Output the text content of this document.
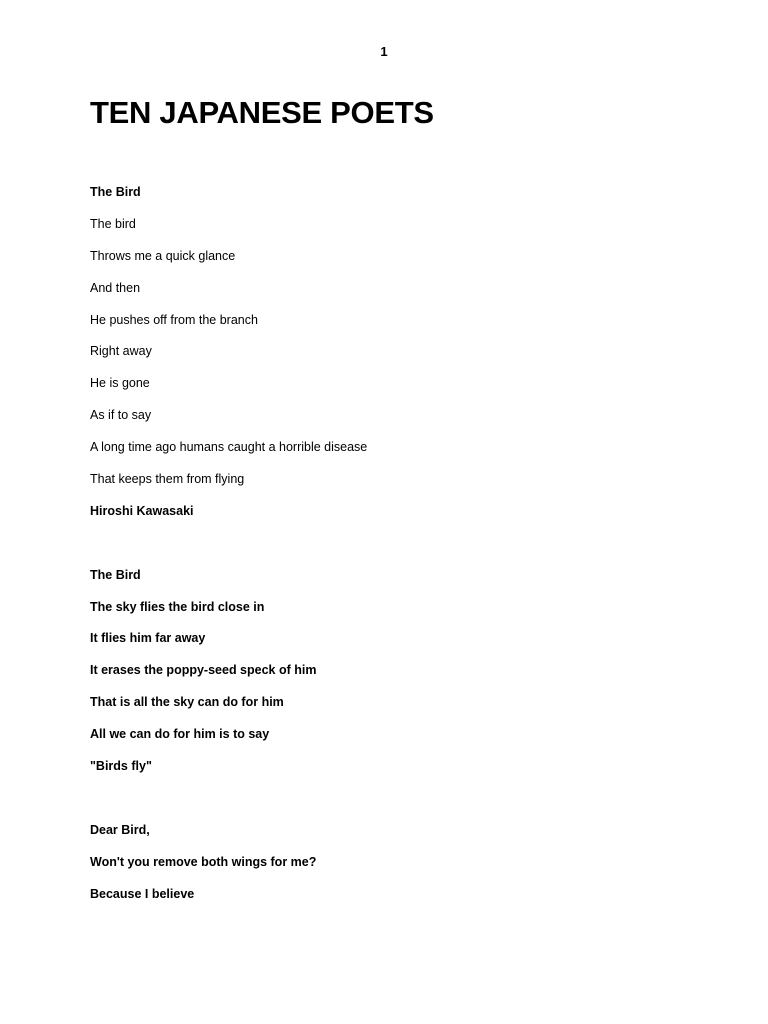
1
TEN JAPANESE POETS
The Bird
The bird
Throws me a quick glance
And then
He pushes off from the branch
Right away
He is gone
As if to say
A long time ago humans caught a horrible disease
That keeps them from flying
Hiroshi Kawasaki
The Bird
The sky flies the bird close in
It flies him far away
It erases the poppy-seed speck of him
That is all the sky can do for him
All we can do for him is to say
"Birds fly"
Dear Bird,
Won't you remove both wings for me?
Because I believe
